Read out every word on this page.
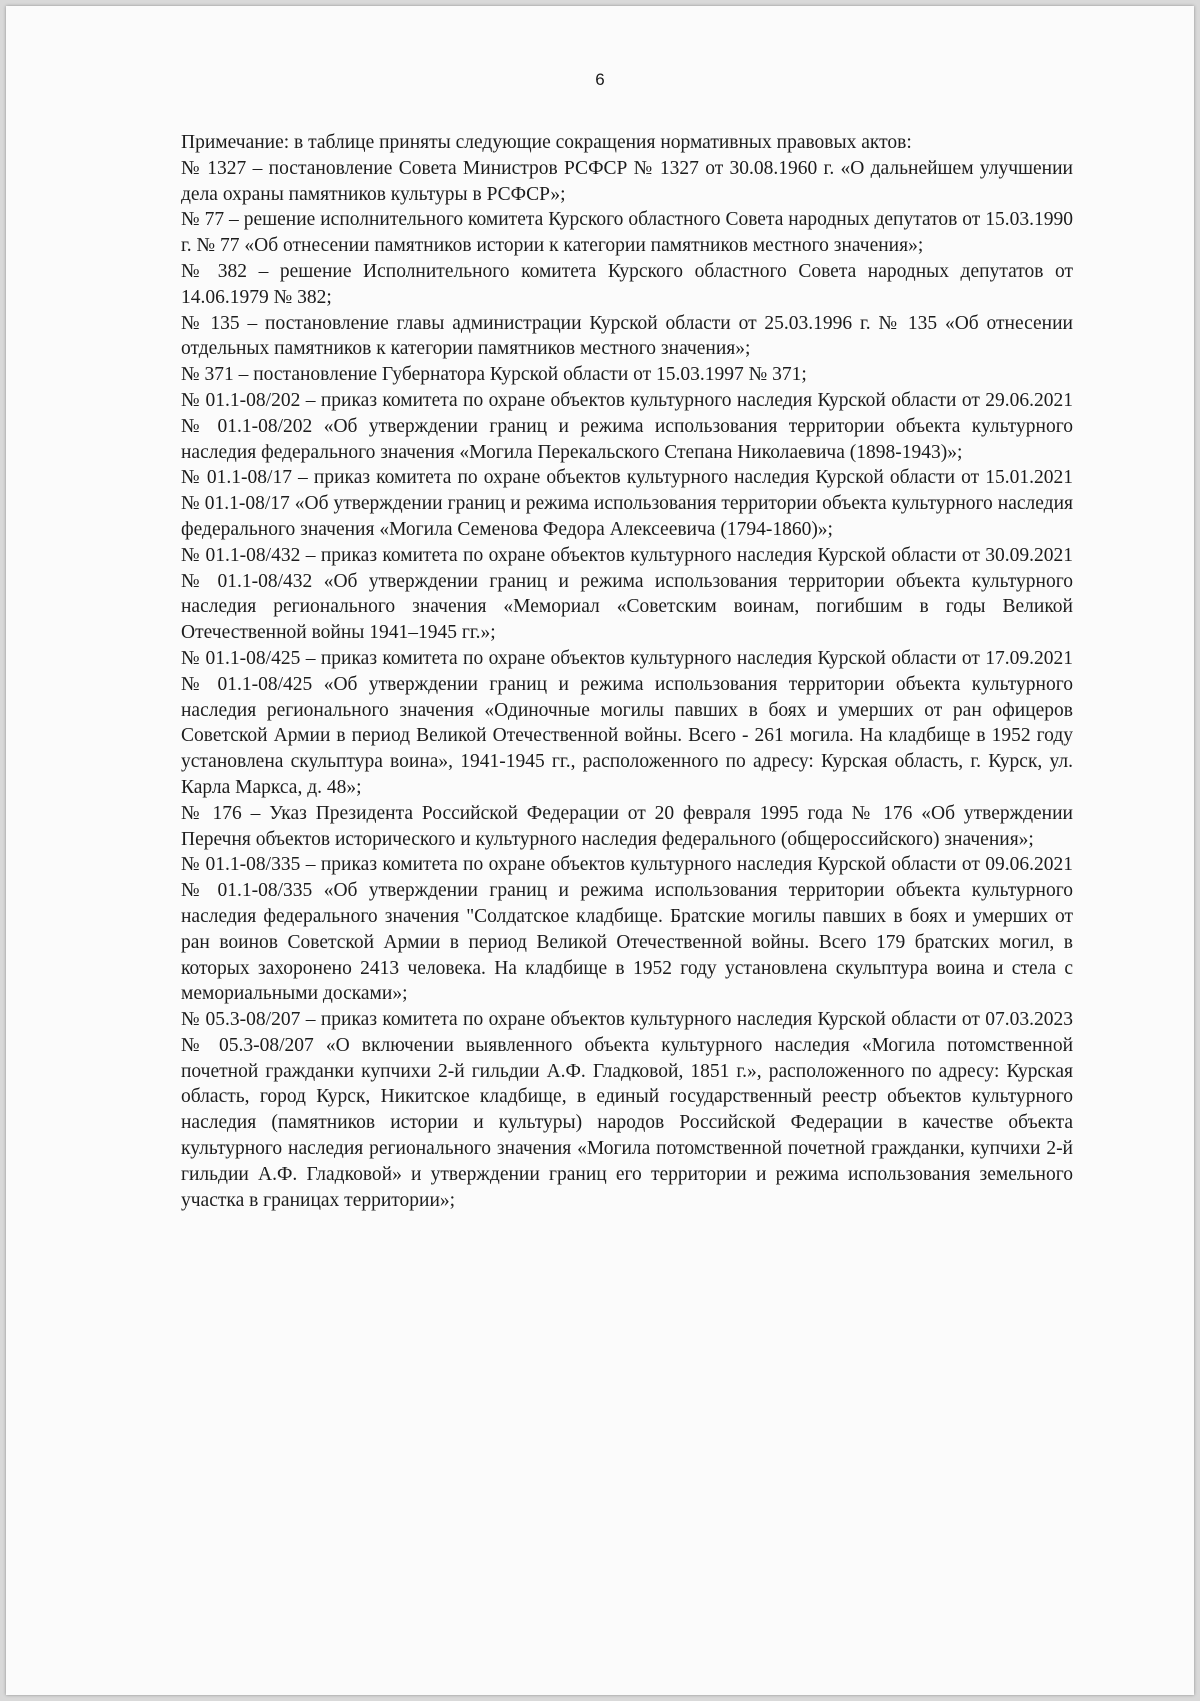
6

Примечание: в таблице приняты следующие сокращения нормативных правовых актов:

№ 1327 – постановление Совета Министров РСФСР № 1327 от 30.08.1960 г. «О дальнейшем улучшении дела охраны памятников культуры в РСФСР»;

№ 77 – решение исполнительного комитета Курского областного Совета народных депутатов от 15.03.1990 г. № 77 «Об отнесении памятников истории к категории памятников местного значения»;

№ 382 – решение Исполнительного комитета Курского областного Совета народных депутатов от 14.06.1979 № 382;

№ 135 – постановление главы администрации Курской области от 25.03.1996 г. № 135 «Об отнесении отдельных памятников к категории памятников местного значения»;

№ 371 – постановление Губернатора Курской области от 15.03.1997 № 371;

№ 01.1-08/202 – приказ комитета по охране объектов культурного наследия Курской области от 29.06.2021 № 01.1-08/202 «Об утверждении границ и режима использования территории объекта культурного наследия федерального значения «Могила Перекальского Степана Николаевича (1898-1943)»;

№ 01.1-08/17 – приказ комитета по охране объектов культурного наследия Курской области от 15.01.2021 № 01.1-08/17 «Об утверждении границ и режима использования территории объекта культурного наследия федерального значения «Могила Семенова Федора Алексеевича (1794-1860)»;

№ 01.1-08/432 – приказ комитета по охране объектов культурного наследия Курской области от 30.09.2021 № 01.1-08/432 «Об утверждении границ и режима использования территории объекта культурного наследия регионального значения «Мемориал «Советским воинам, погибшим в годы Великой Отечественной войны 1941–1945 гг.»;

№ 01.1-08/425 – приказ комитета по охране объектов культурного наследия Курской области от 17.09.2021 № 01.1-08/425 «Об утверждении границ и режима использования территории объекта культурного наследия регионального значения «Одиночные могилы павших в боях и умерших от ран офицеров Советской Армии в период Великой Отечественной войны. Всего - 261 могила. На кладбище в 1952 году установлена скульптура воина», 1941-1945 гг., расположенного по адресу: Курская область, г. Курск, ул. Карла Маркса, д. 48»;

№ 176 – Указ Президента Российской Федерации от 20 февраля 1995 года № 176 «Об утверждении Перечня объектов исторического и культурного наследия федерального (общероссийского) значения»;

№ 01.1-08/335 – приказ комитета по охране объектов культурного наследия Курской области от 09.06.2021 № 01.1-08/335 «Об утверждении границ и режима использования территории объекта культурного наследия федерального значения "Солдатское кладбище. Братские могилы павших в боях и умерших от ран воинов Советской Армии в период Великой Отечественной войны. Всего 179 братских могил, в которых захоронено 2413 человека. На кладбище в 1952 году установлена скульптура воина и стела с мемориальными досками»;

№ 05.3-08/207 – приказ комитета по охране объектов культурного наследия Курской области от 07.03.2023 № 05.3-08/207 «О включении выявленного объекта культурного наследия «Могила потомственной почетной гражданки купчихи 2-й гильдии А.Ф. Гладковой, 1851 г.», расположенного по адресу: Курская область, город Курск, Никитское кладбище, в единый государственный реестр объектов культурного наследия (памятников истории и культуры) народов Российской Федерации в качестве объекта культурного наследия регионального значения «Могила потомственной почетной гражданки, купчихи 2-й гильдии А.Ф. Гладковой» и утверждении границ его территории и режима использования земельного участка в границах территории»;
